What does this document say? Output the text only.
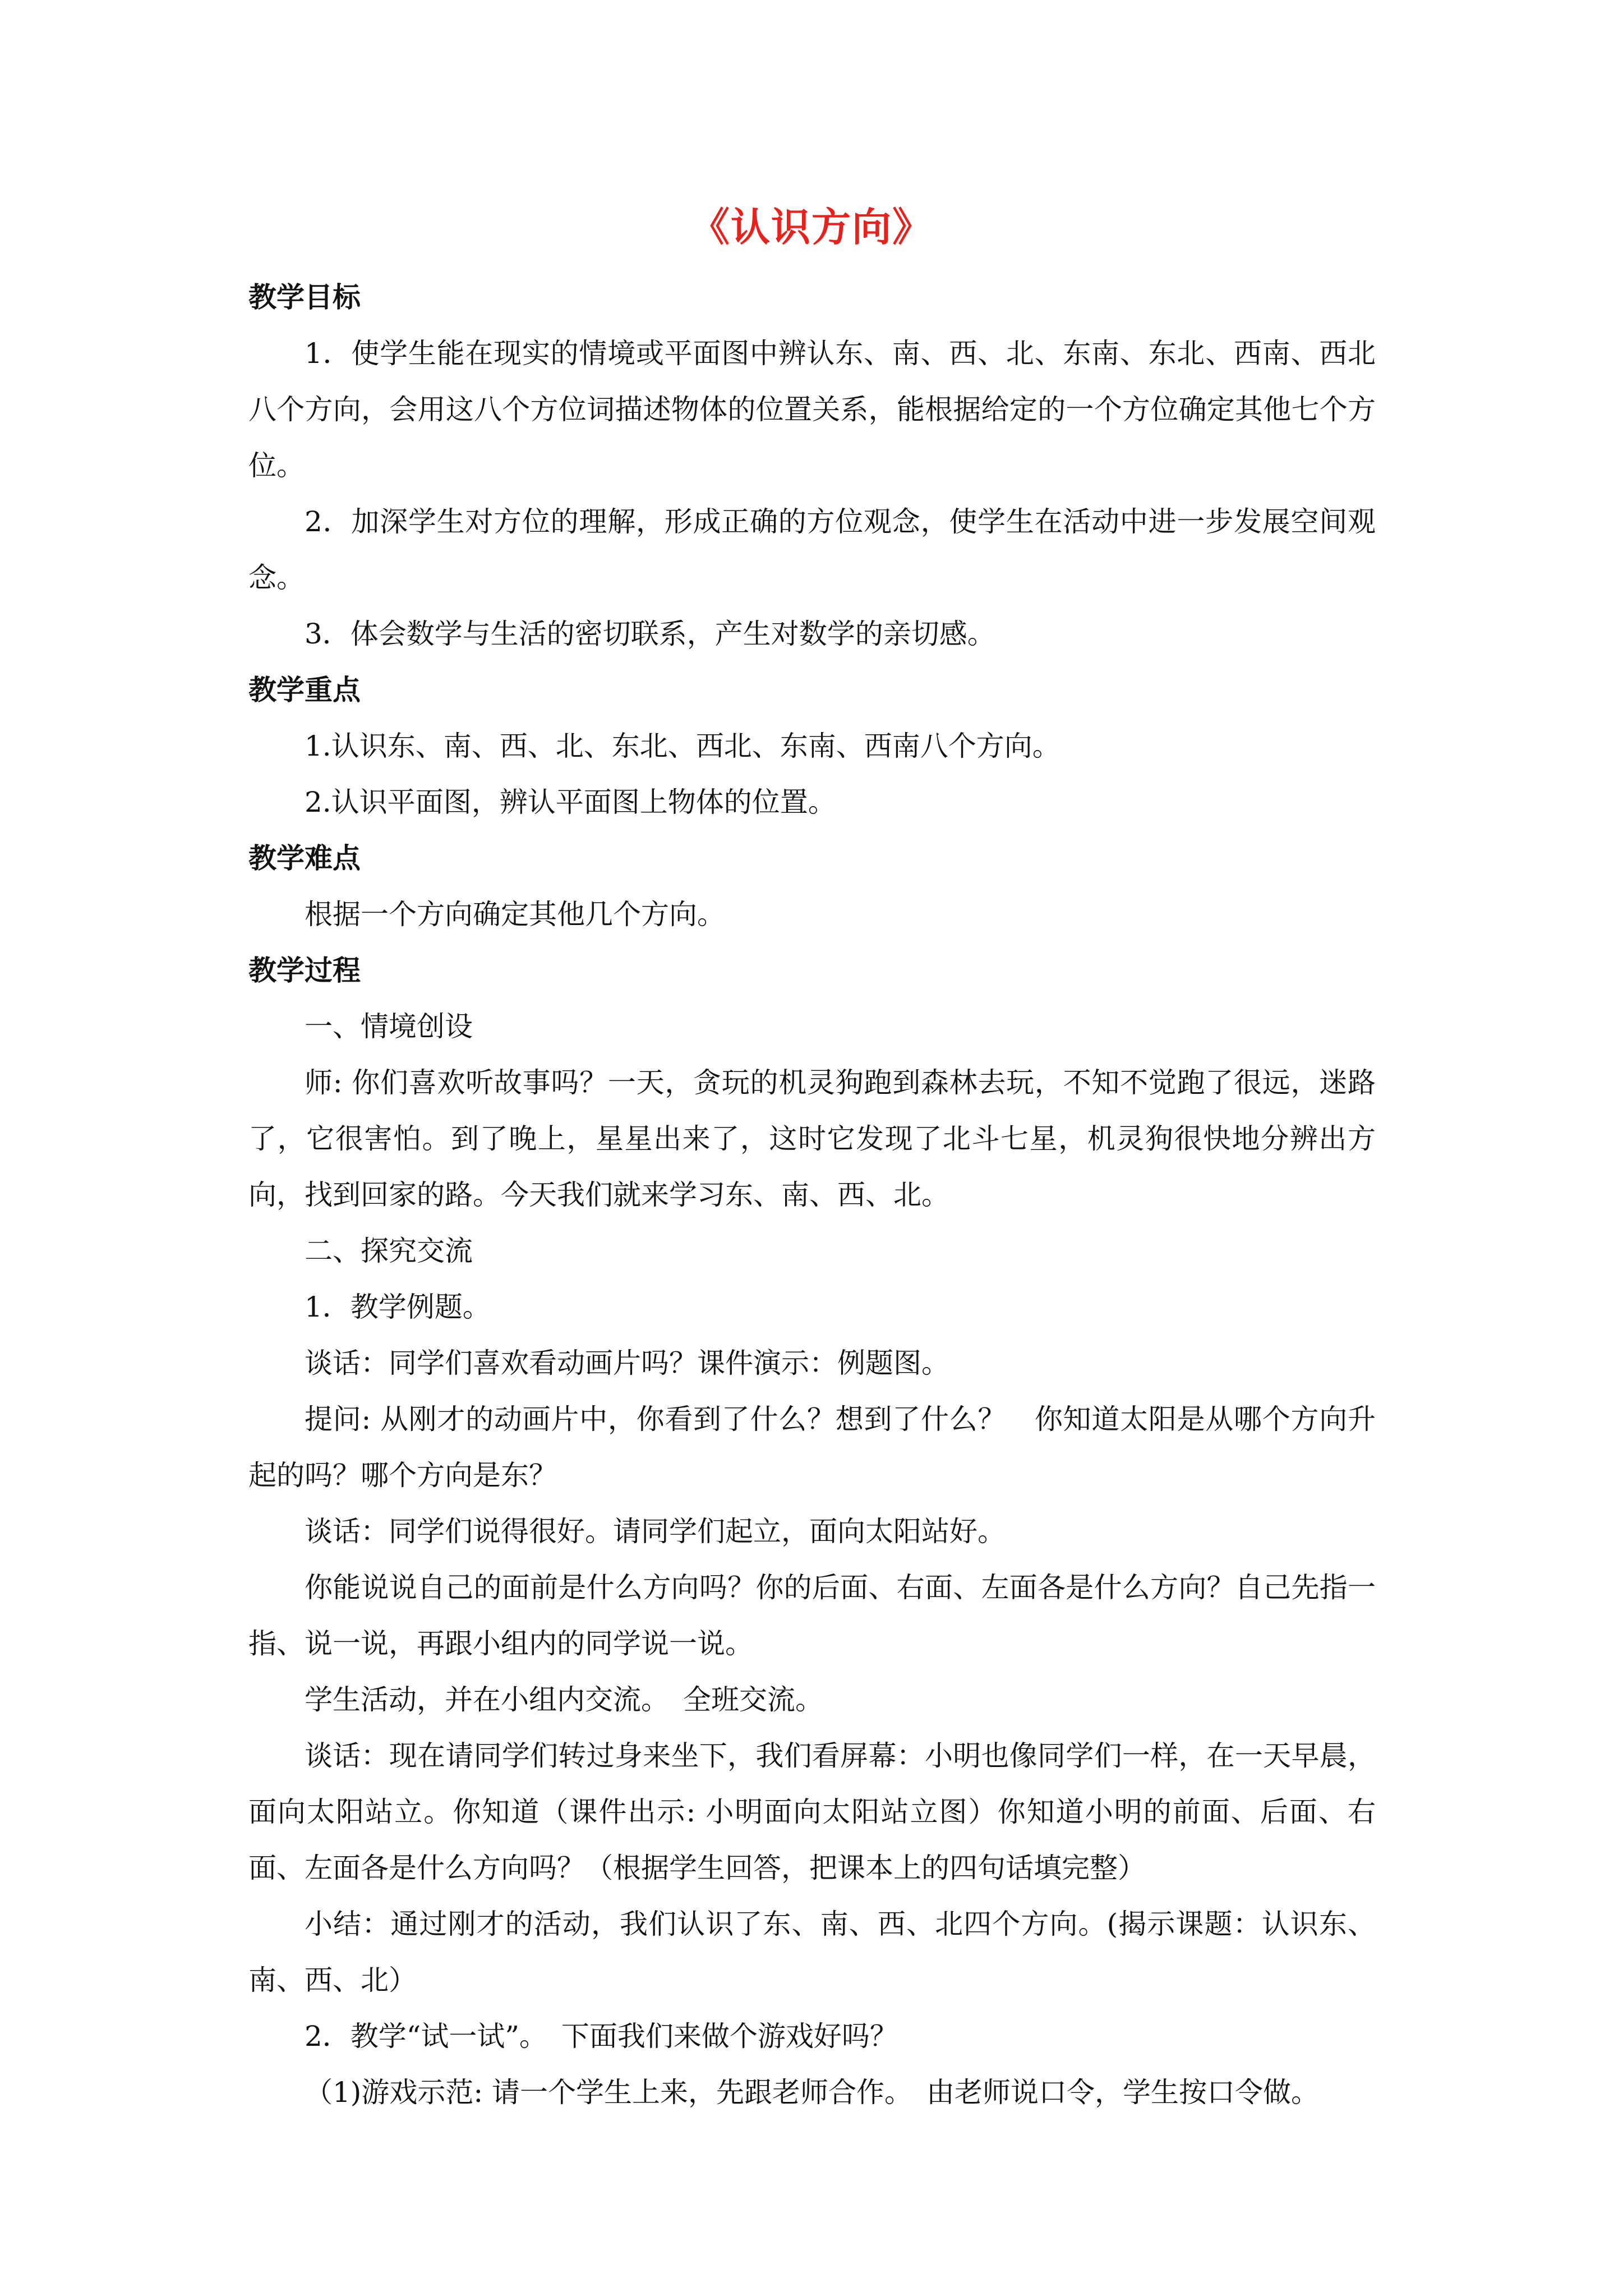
《认识方向》

教学目标

1．使学生能在现实的情境或平面图中辨认东、南、西、北、东南、东北、西南、西北八个方向，会用这八个方位词描述物体的位置关系，能根据给定的一个方位确定其他七个方位。

2．加深学生对方位的理解，形成正确的方位观念，使学生在活动中进一步发展空间观念。

3．体会数学与生活的密切联系，产生对数学的亲切感。

教学重点

1.认识东、南、西、北、东北、西北、东南、西南八个方向。

2.认识平面图，辨认平面图上物体的位置。

教学难点

根据一个方向确定其他几个方向。

教学过程

一、情境创设

师: 你们喜欢听故事吗？一天，贪玩的机灵狗跑到森林去玩，不知不觉跑了很远，迷路了，它很害怕。到了晚上，星星出来了，这时它发现了北斗七星，机灵狗很快地分辨出方向，找到回家的路。今天我们就来学习东、南、西、北。

二、探究交流

1．教学例题。

谈话：同学们喜欢看动画片吗？课件演示：例题图。

提问: 从刚才的动画片中，你看到了什么？想到了什么？　你知道太阳是从哪个方向升起的吗？哪个方向是东？

谈话：同学们说得很好。请同学们起立，面向太阳站好。

你能说说自己的面前是什么方向吗？你的后面、右面、左面各是什么方向？自己先指一指、说一说，再跟小组内的同学说一说。

学生活动，并在小组内交流。　全班交流。

谈话：现在请同学们转过身来坐下，我们看屏幕：小明也像同学们一样，在一天早晨，面向太阳站立。你知道（课件出示: 小明面向太阳站立图）你知道小明的前面、后面、右面、左面各是什么方向吗？（根据学生回答，把课本上的四句话填完整）

小结：通过刚才的活动，我们认识了东、南、西、北四个方向。(揭示课题：认识东、南、西、北）

2．教学“试一试”。　下面我们来做个游戏好吗？

（1)游戏示范: 请一个学生上来，先跟老师合作。　由老师说口令，学生按口令做。
